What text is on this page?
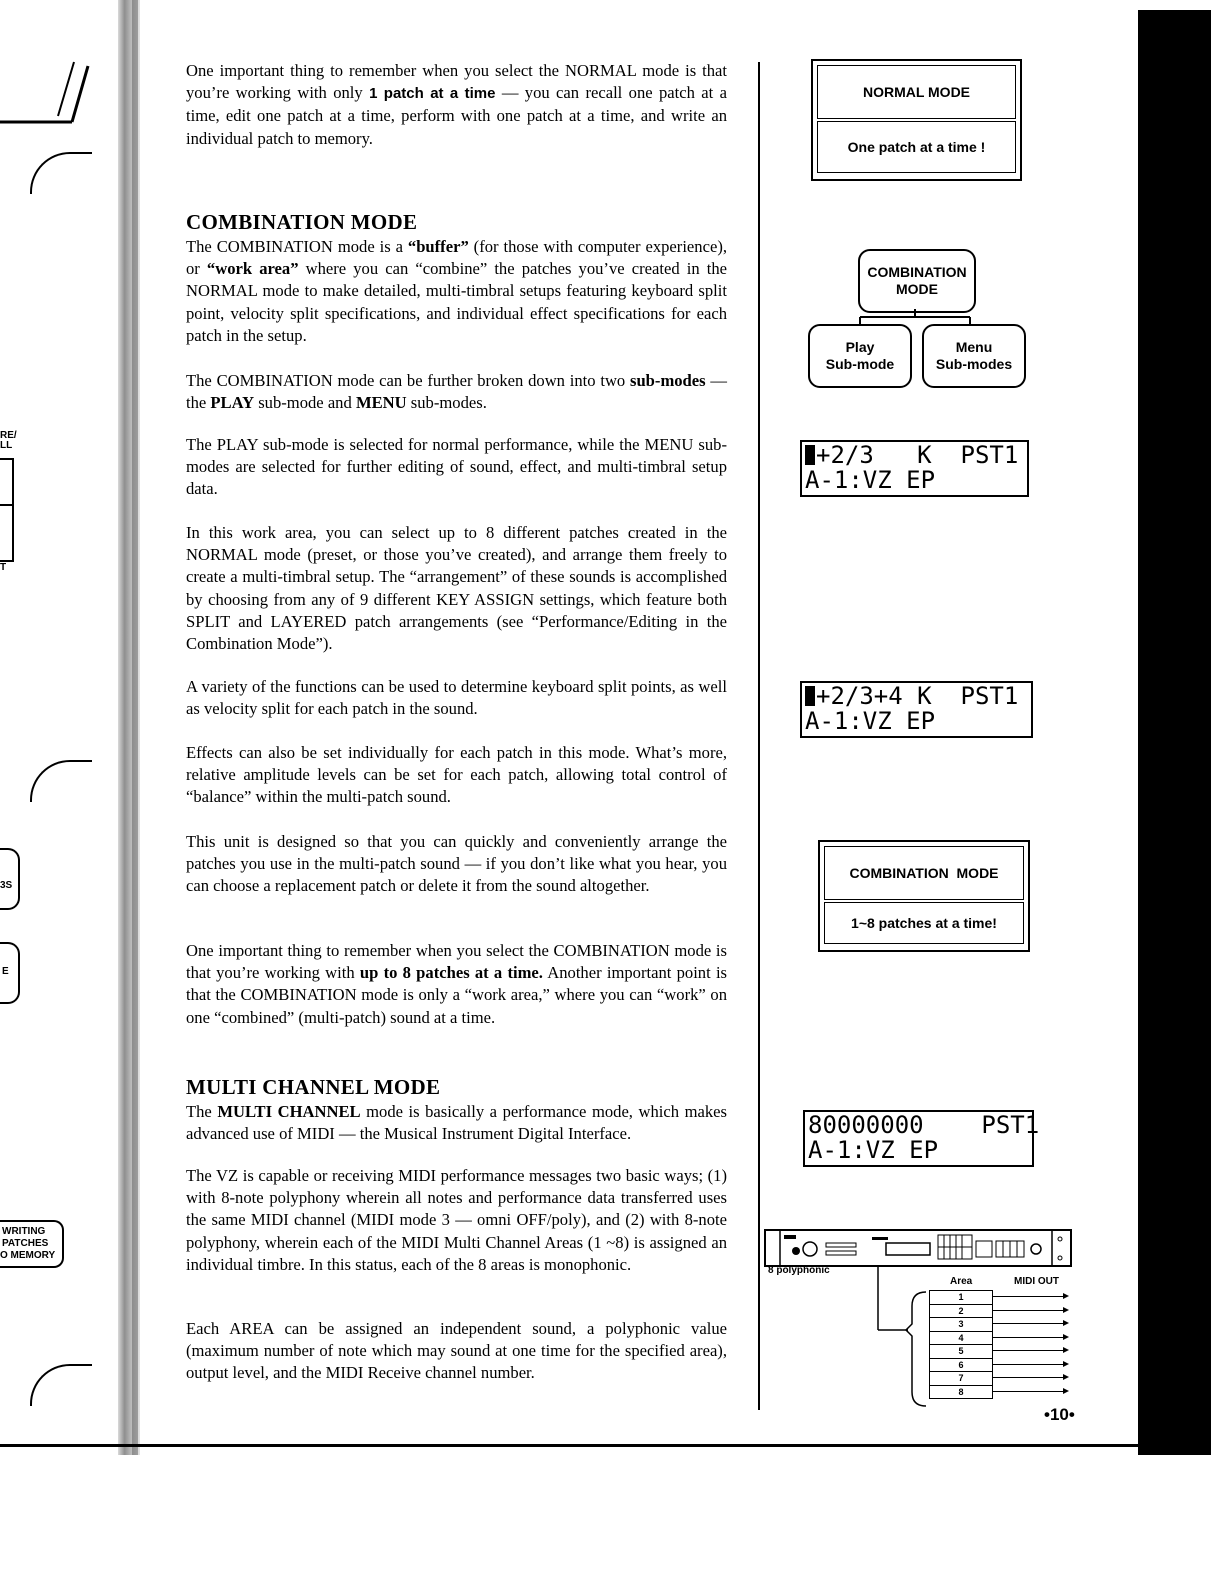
RE/
LL
T
3S
E
WRITING
PATCHES
O MEMORY

One important thing to remember when you select the NORMAL mode is that you’re working with only 1 patch at a time — you can recall one patch at a time, edit one patch at a time, perform with one patch at a time, and write an individual patch to memory.

COMBINATION MODE

The COMBINATION mode is a “buffer” (for those with computer experience), or “work area” where you can “combine” the patches you’ve created in the NORMAL mode to make detailed, multi-timbral setups featuring keyboard split point, velocity split specifications, and individual effect specifications for each patch in the setup.

The COMBINATION mode can be further broken down into two sub-modes — the PLAY sub-mode and MENU sub-modes.

The PLAY sub-mode is selected for normal performance, while the MENU sub-modes are selected for further editing of sound, effect, and multi-timbral setup data.

In this work area, you can select up to 8 different patches created in the NORMAL mode (preset, or those you’ve created), and arrange them freely to create a multi-timbral setup. The “arrangement” of these sounds is accomplished by choosing from any of 9 different KEY ASSIGN settings, which feature both SPLIT and LAYERED patch arrangements (see “Performance/Editing in the Combination Mode”).

A variety of the functions can be used to determine keyboard split points, as well as velocity split for each patch in the sound.

Effects can also be set individually for each patch in this mode. What’s more, relative amplitude levels can be set for each patch, allowing total control of “balance” within the multi-patch sound.

This unit is designed so that you can quickly and conveniently arrange the patches you use in the multi-patch sound — if you don’t like what you hear, you can choose a replacement patch or delete it from the sound altogether.

One important thing to remember when you select the COMBINATION mode is that you’re working with up to 8 patches at a time. Another important point is that the COMBINATION mode is only a “work area,” where you can “work” on one “combined” (multi-patch) sound at a time.

MULTI CHANNEL MODE

The MULTI CHANNEL mode is basically a performance mode, which makes advanced use of MIDI — the Musical Instrument Digital Interface.

The VZ is capable or receiving MIDI performance messages two basic ways; (1) with 8-note polyphony wherein all notes and performance data transferred uses the same MIDI channel (MIDI mode 3 — omni OFF/poly), and (2) with 8-note polyphony, wherein each of the MIDI Multi Channel Areas (1 ~8) is assigned an individual timbre. In this status, each of the 8 areas is monophonic.

Each AREA can be assigned an independent sound, a polyphonic value (maximum number of note which may sound at one time for the specified area), output level, and the MIDI Receive channel number.

NORMAL MODE
One patch at a time !
COMBINATION
MODE
Play
Sub-mode
Menu
Sub-modes
+2/3   K  PST1
A-1:VZ EP
+2/3+4 K  PST1
A-1:VZ EP
COMBINATION  MODE
1~8 patches at a time!
80000000    PST1
A-1:VZ EP
8 polyphonic
Area	MIDI OUT
1
2
3
4
5
6
7
8
•10•
